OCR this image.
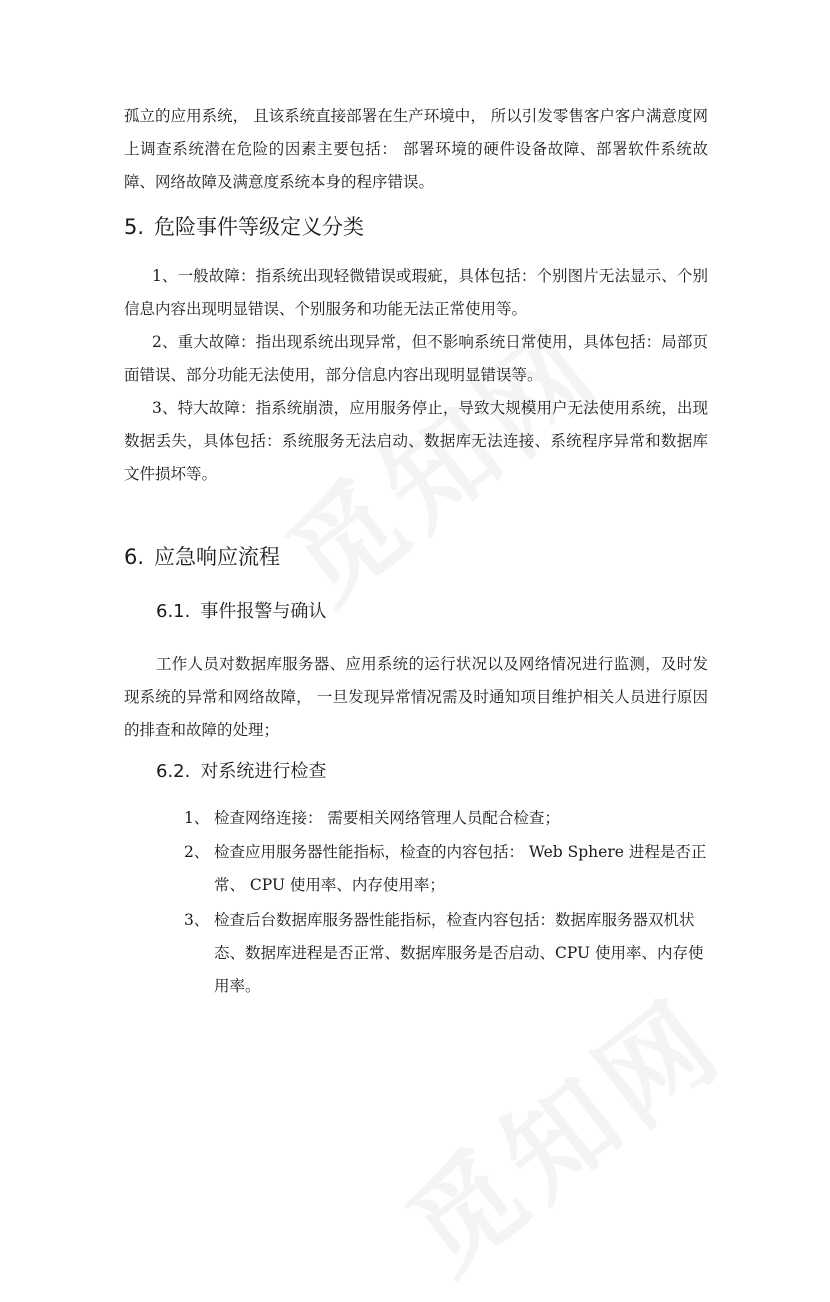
孤立的应用系统， 且该系统直接部署在生产环境中， 所以引发零售客户客户满意度网上调查系统潜在危险的因素主要包括： 部署环境的硬件设备故障、部署软件系统故障、网络故障及满意度系统本身的程序错误。

5. 危险事件等级定义分类

1、一般故障：指系统出现轻微错误或瑕疵，具体包括：个别图片无法显示、个别信息内容出现明显错误、个别服务和功能无法正常使用等。

2、重大故障：指出现系统出现异常，但不影响系统日常使用，具体包括：局部页面错误、部分功能无法使用，部分信息内容出现明显错误等。

3、特大故障：指系统崩溃，应用服务停止，导致大规模用户无法使用系统，出现数据丢失，具体包括：系统服务无法启动、数据库无法连接、系统程序异常和数据库文件损坏等。

6. 应急响应流程
6.1. 事件报警与确认

工作人员对数据库服务器、应用系统的运行状况以及网络情况进行监测，及时发现系统的异常和网络故障， 一旦发现异常情况需及时通知项目维护相关人员进行原因的排查和故障的处理；

6.2. 对系统进行检查
1、 检查网络连接： 需要相关网络管理人员配合检查；
2、 检查应用服务器性能指标，检查的内容包括： Web Sphere 进程是否正常、 CPU 使用率、内存使用率；
3、 检查后台数据库服务器性能指标，检查内容包括：数据库服务器双机状态、数据库进程是否正常、数据库服务是否启动、CPU 使用率、内存使用率。
